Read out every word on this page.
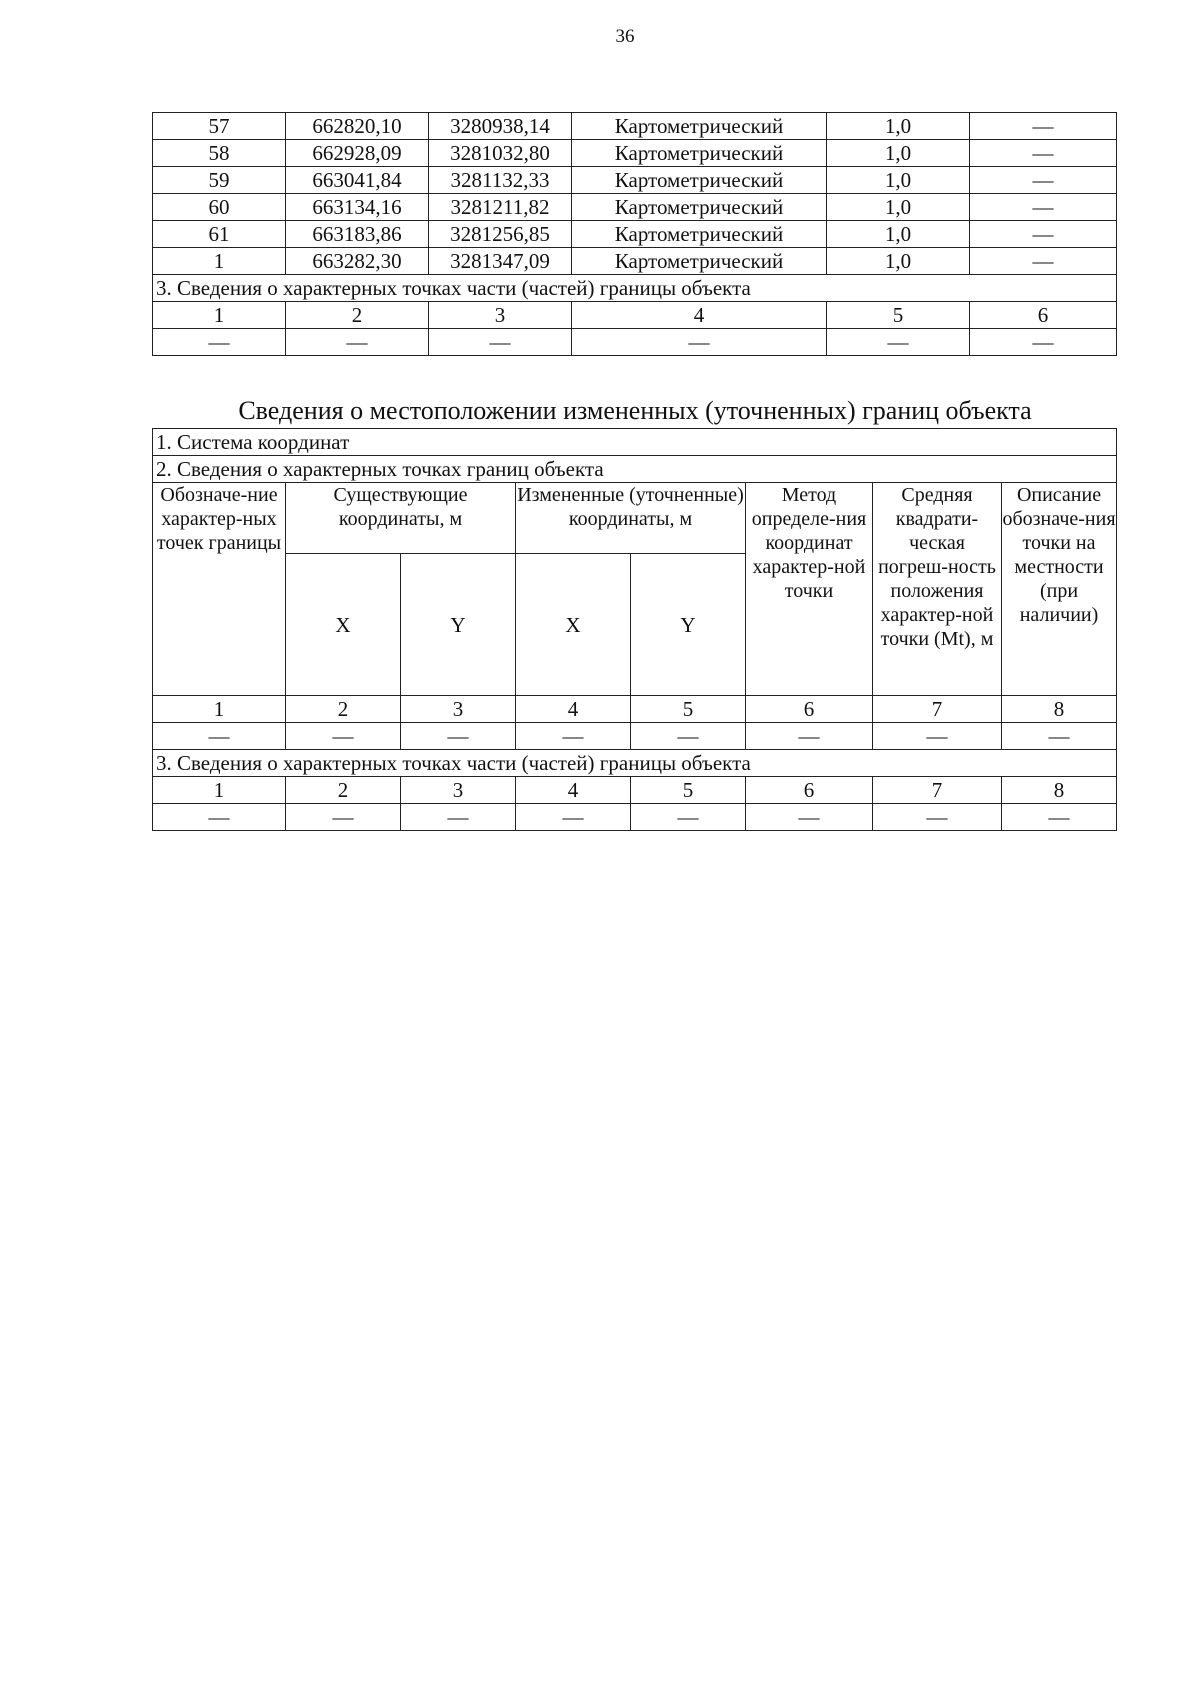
36
57	662820,10	3280938,14	Картометрический	1,0	—
58	662928,09	3281032,80	Картометрический	1,0	—
59	663041,84	3281132,33	Картометрический	1,0	—
60	663134,16	3281211,82	Картометрический	1,0	—
61	663183,86	3281256,85	Картометрический	1,0	—
1	663282,30	3281347,09	Картометрический	1,0	—
3. Сведения о характерных точках части (частей) границы объекта					
1	2	3	4	5	6
—	—	—	—	—	—
Сведения о местоположении измененных (уточненных) границ объекта
1. Система координат							
2. Сведения о характерных точках границ объекта							
Обозначе-ние характер-ных точек границы	Существующие координаты, м		Измененные (уточненные) координаты, м		Метод определе-ния координат характер-ной точки	Средняя квадрати-ческая погреш-ность положения характер-ной точки (Mt), м	Описание обозначе-ния точки на местности (при наличии)
	X	Y	X	Y			
1	2	3	4	5	6	7	8
—	—	—	—	—	—	—	—
3. Сведения о характерных точках части (частей) границы объекта							
1	2	3	4	5	6	7	8
—	—	—	—	—	—	—	—
